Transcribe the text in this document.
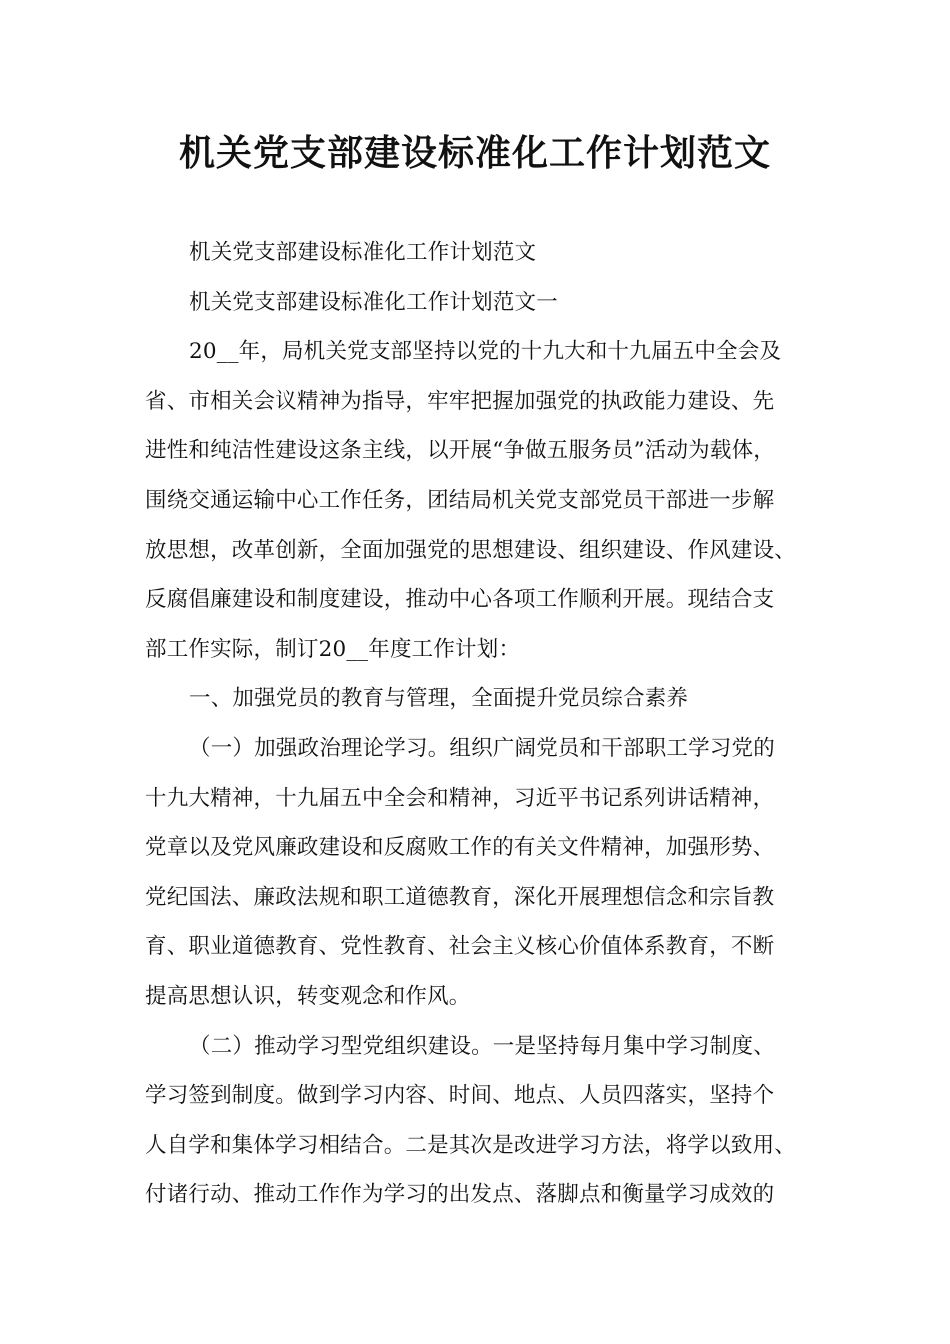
机关党支部建设标准化工作计划范文
机关党支部建设标准化工作计划范文
机关党支部建设标准化工作计划范文一
20__年，局机关党支部坚持以党的十九大和十九届五中全会及
省、市相关会议精神为指导，牢牢把握加强党的执政能力建设、先
进性和纯洁性建设这条主线，以开展“争做五服务员”活动为载体，
围绕交通运输中心工作任务，团结局机关党支部党员干部进一步解
放思想，改革创新，全面加强党的思想建设、组织建设、作风建设、
反腐倡廉建设和制度建设，推动中心各项工作顺利开展。现结合支
部工作实际，制订20__年度工作计划：
一、加强党员的教育与管理，全面提升党员综合素养
（一）加强政治理论学习。组织广阔党员和干部职工学习党的
十九大精神，十九届五中全会和精神，习近平书记系列讲话精神，
党章以及党风廉政建设和反腐败工作的有关文件精神，加强形势、
党纪国法、廉政法规和职工道德教育，深化开展理想信念和宗旨教
育、职业道德教育、党性教育、社会主义核心价值体系教育，不断
提高思想认识，转变观念和作风。
（二）推动学习型党组织建设。一是坚持每月集中学习制度、
学习签到制度。做到学习内容、时间、地点、人员四落实，坚持个
人自学和集体学习相结合。二是其次是改进学习方法，将学以致用、
付诸行动、推动工作作为学习的出发点、落脚点和衡量学习成效的
